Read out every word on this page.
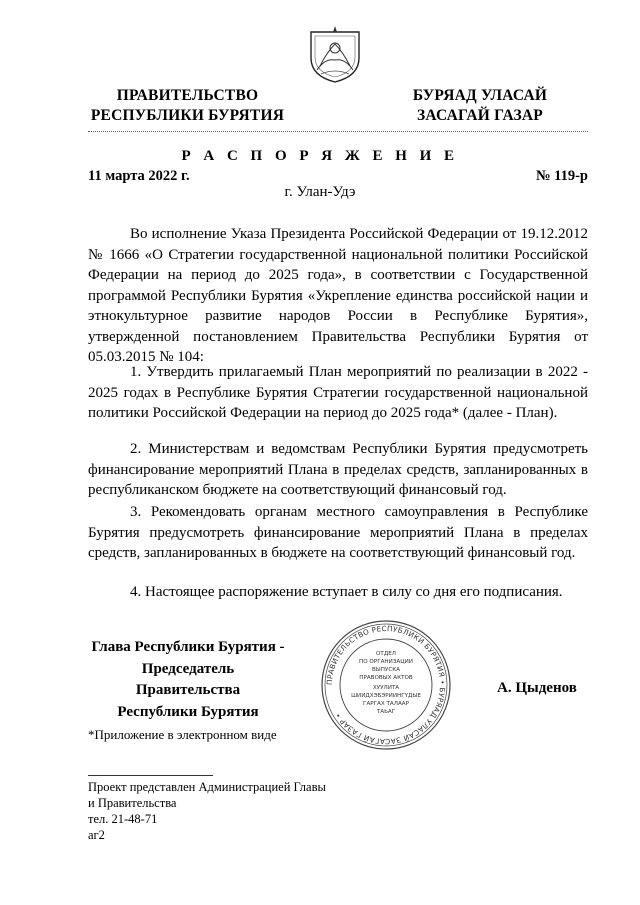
ПРАВИТЕЛЬСТВО
РЕСПУБЛИКИ БУРЯТИЯ
БУРЯАД УЛАСАЙ
ЗАСАГАЙ ГАЗАР
Р А С П О Р Я Ж Е Н И Е
11 марта 2022 г.	№ 119-р
г. Улан-Удэ
Во исполнение Указа Президента Российской Федерации от 19.12.2012 № 1666 «О Стратегии государственной национальной политики Российской Федерации на период до 2025 года», в соответствии с Государственной программой Республики Бурятия «Укрепление единства российской нации и этнокультурное развитие народов России в Республике Бурятия», утвержденной постановлением Правительства Республики Бурятия от 05.03.2015 № 104:
1. Утвердить прилагаемый План мероприятий по реализации в 2022 - 2025 годах в Республике Бурятия Стратегии государственной национальной политики Российской Федерации на период до 2025 года* (далее - План).
2. Министерствам и ведомствам Республики Бурятия предусмотреть финансирование мероприятий Плана в пределах средств, запланированных в республиканском бюджете на соответствующий финансовый год.
3. Рекомендовать органам местного самоуправления в Республике Бурятия предусмотреть финансирование мероприятий Плана в пределах средств, запланированных в бюджете на соответствующий финансовый год.
4. Настоящее распоряжение вступает в силу со дня его подписания.
Глава Республики Бурятия -
Председатель Правительства
Республики Бурятия
ПРАВИТЕЛЬСТВО РЕСПУБЛИКИ БУРЯТИЯ • БУРЯАД УЛАСАЙ ЗАСАГАЙ ГАЗАР •
ОТДЕЛ
ПО ОРГАНИЗАЦИИ
ВЫПУСКА
ПРАВОВЫХ АКТОВ
ХУУЛИТА
ШИИДХЭБЭРИИНГҮДЫЕ
ГАРГАХ ТАЛААР
ТАЬАГ
А. Цыденов
*Приложение в электронном виде
Проект представлен Администрацией Главы
и Правительства
тел. 21-48-71
аг2
